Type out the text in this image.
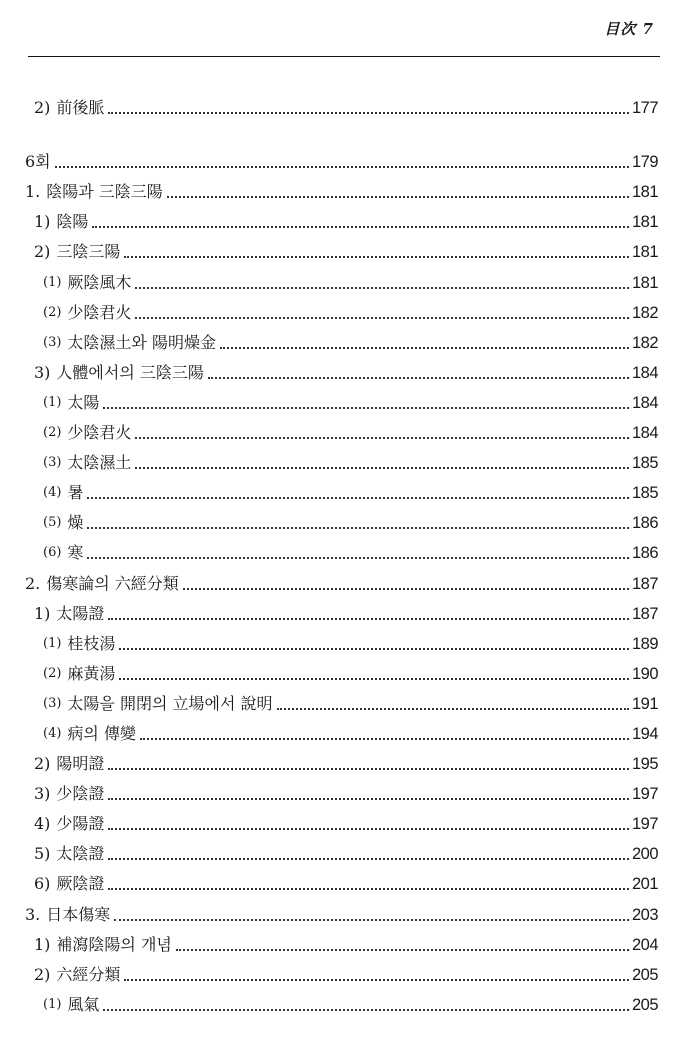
目次 7
2) 前後脈	177
6회	179
1. 陰陽과 三陰三陽	181
1) 陰陽	181
2) 三陰三陽	181
(1) 厥陰風木	181
(2) 少陰君火	182
(3) 太陰濕土와 陽明燥金	182
3) 人體에서의 三陰三陽	184
(1) 太陽	184
(2) 少陰君火	184
(3) 太陰濕土	185
(4) 暑	185
(5) 燥	186
(6) 寒	186
2. 傷寒論의 六經分類	187
1) 太陽證	187
(1) 桂枝湯	189
(2) 麻黃湯	190
(3) 太陽을 開閉의 立場에서 說明	191
(4) 病의 傳變	194
2) 陽明證	195
3) 少陰證	197
4) 少陽證	197
5) 太陰證	200
6) 厥陰證	201
3. 日本傷寒	203
1) 補瀉陰陽의 개념	204
2) 六經分類	205
(1) 風氣	205
